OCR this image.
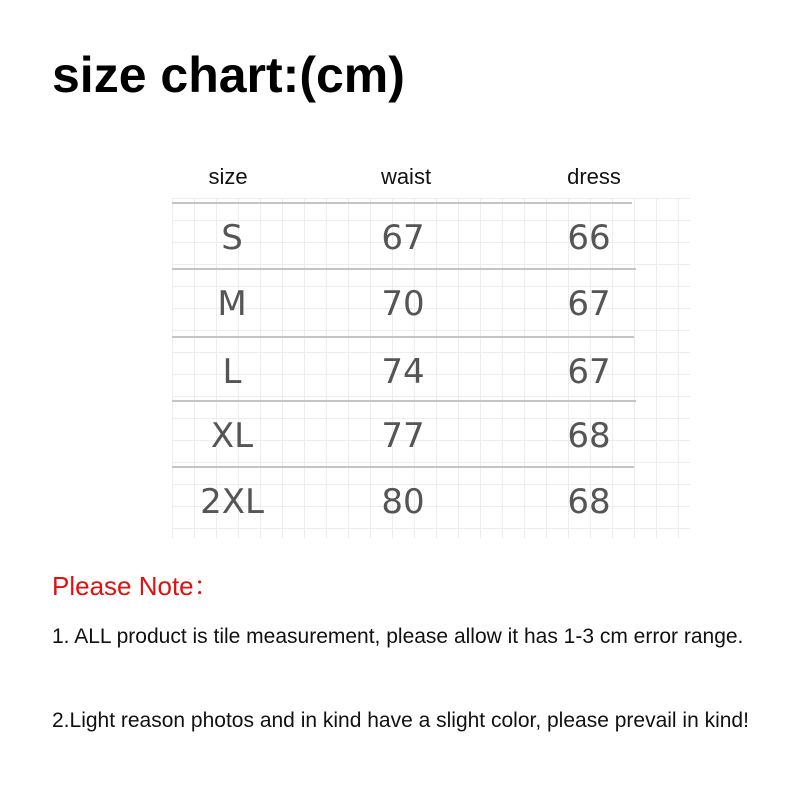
size chart:(cm)
size	waist	dress
S	67	66
M	70	67
L	74	67
XL	77	68
2XL	80	68

Please Note：

1. ALL product is tile measurement, please allow it has 1-3 cm error range.

2.Light reason photos and in kind have a slight color, please prevail in kind!
